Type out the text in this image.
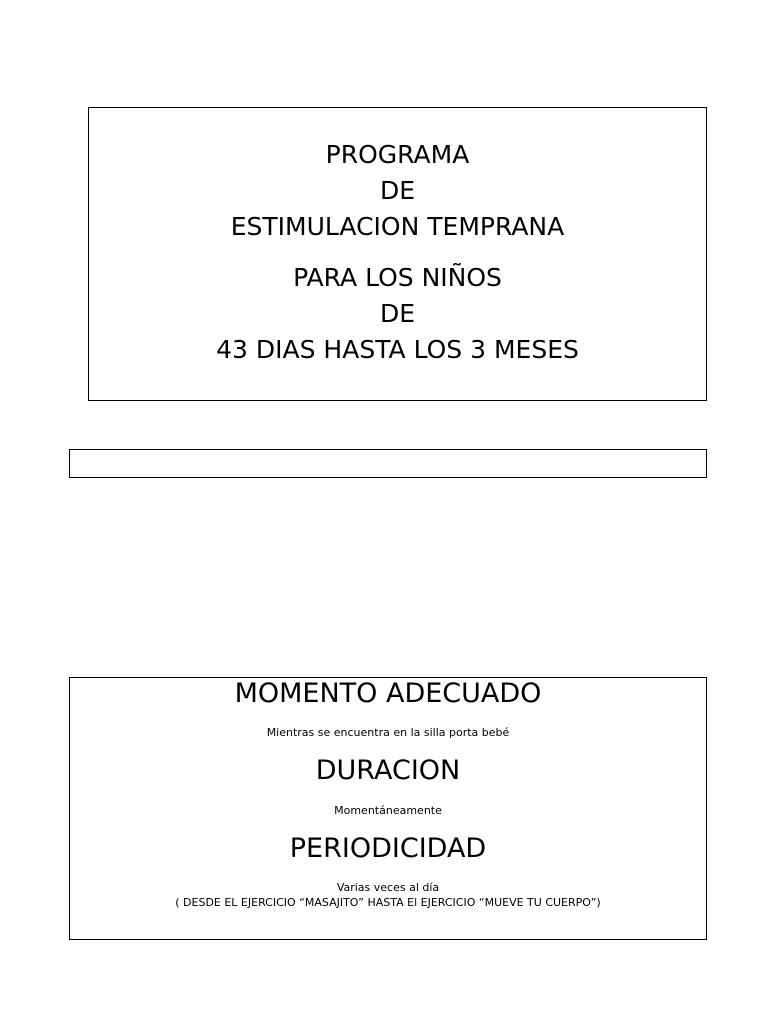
PROGRAMA
DE
ESTIMULACION TEMPRANA
PARA LOS NIÑOS
DE
43 DIAS HASTA LOS 3 MESES
MOMENTO ADECUADO
Mientras se encuentra en la silla porta bebé
DURACION
Momentáneamente
PERIODICIDAD
Varias veces al día
( DESDE EL EJERCICIO “MASAJITO” HASTA El EJERCICIO “MUEVE TU CUERPO”)
